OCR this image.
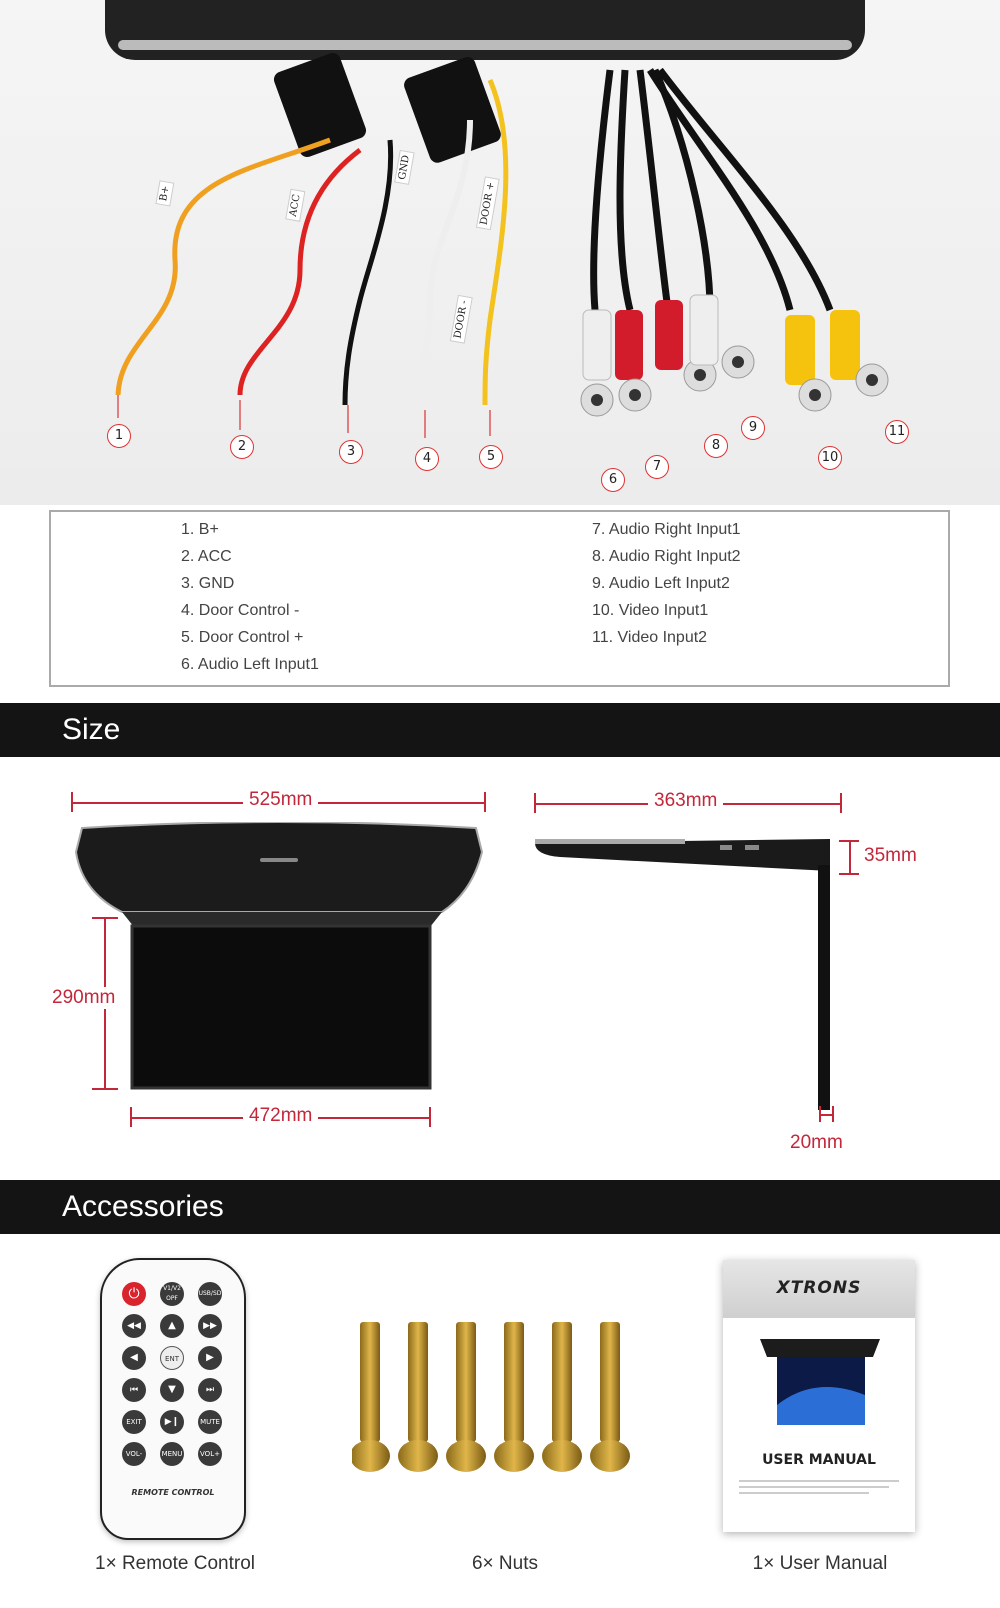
B+	ACC
GND
DOOR +
DOOR -
1
2	3	4	5
6
7
8
9
10
11
1. B+
2. ACC
3. GND
4. Door Control -
5. Door Control +
6. Audio Left Input1
7. Audio Right Input1
8. Audio Right Input2
9. Audio Left Input2
10. Video Input1
11. Video Input2
Size
525mm
290mm
472mm
363mm
35mm
20mm
Accessories
⏻	V1/V2 OPF
USB/SD
◀◀	▲	▶▶
◀	ENT	▶
⏮	▼	⏭
EXIT	▶❙	MUTE
VOL-	MENU	VOL+
REMOTE CONTROL
XTRONS
USER MANUAL
1× Remote Control	6× Nuts	1× User Manual
